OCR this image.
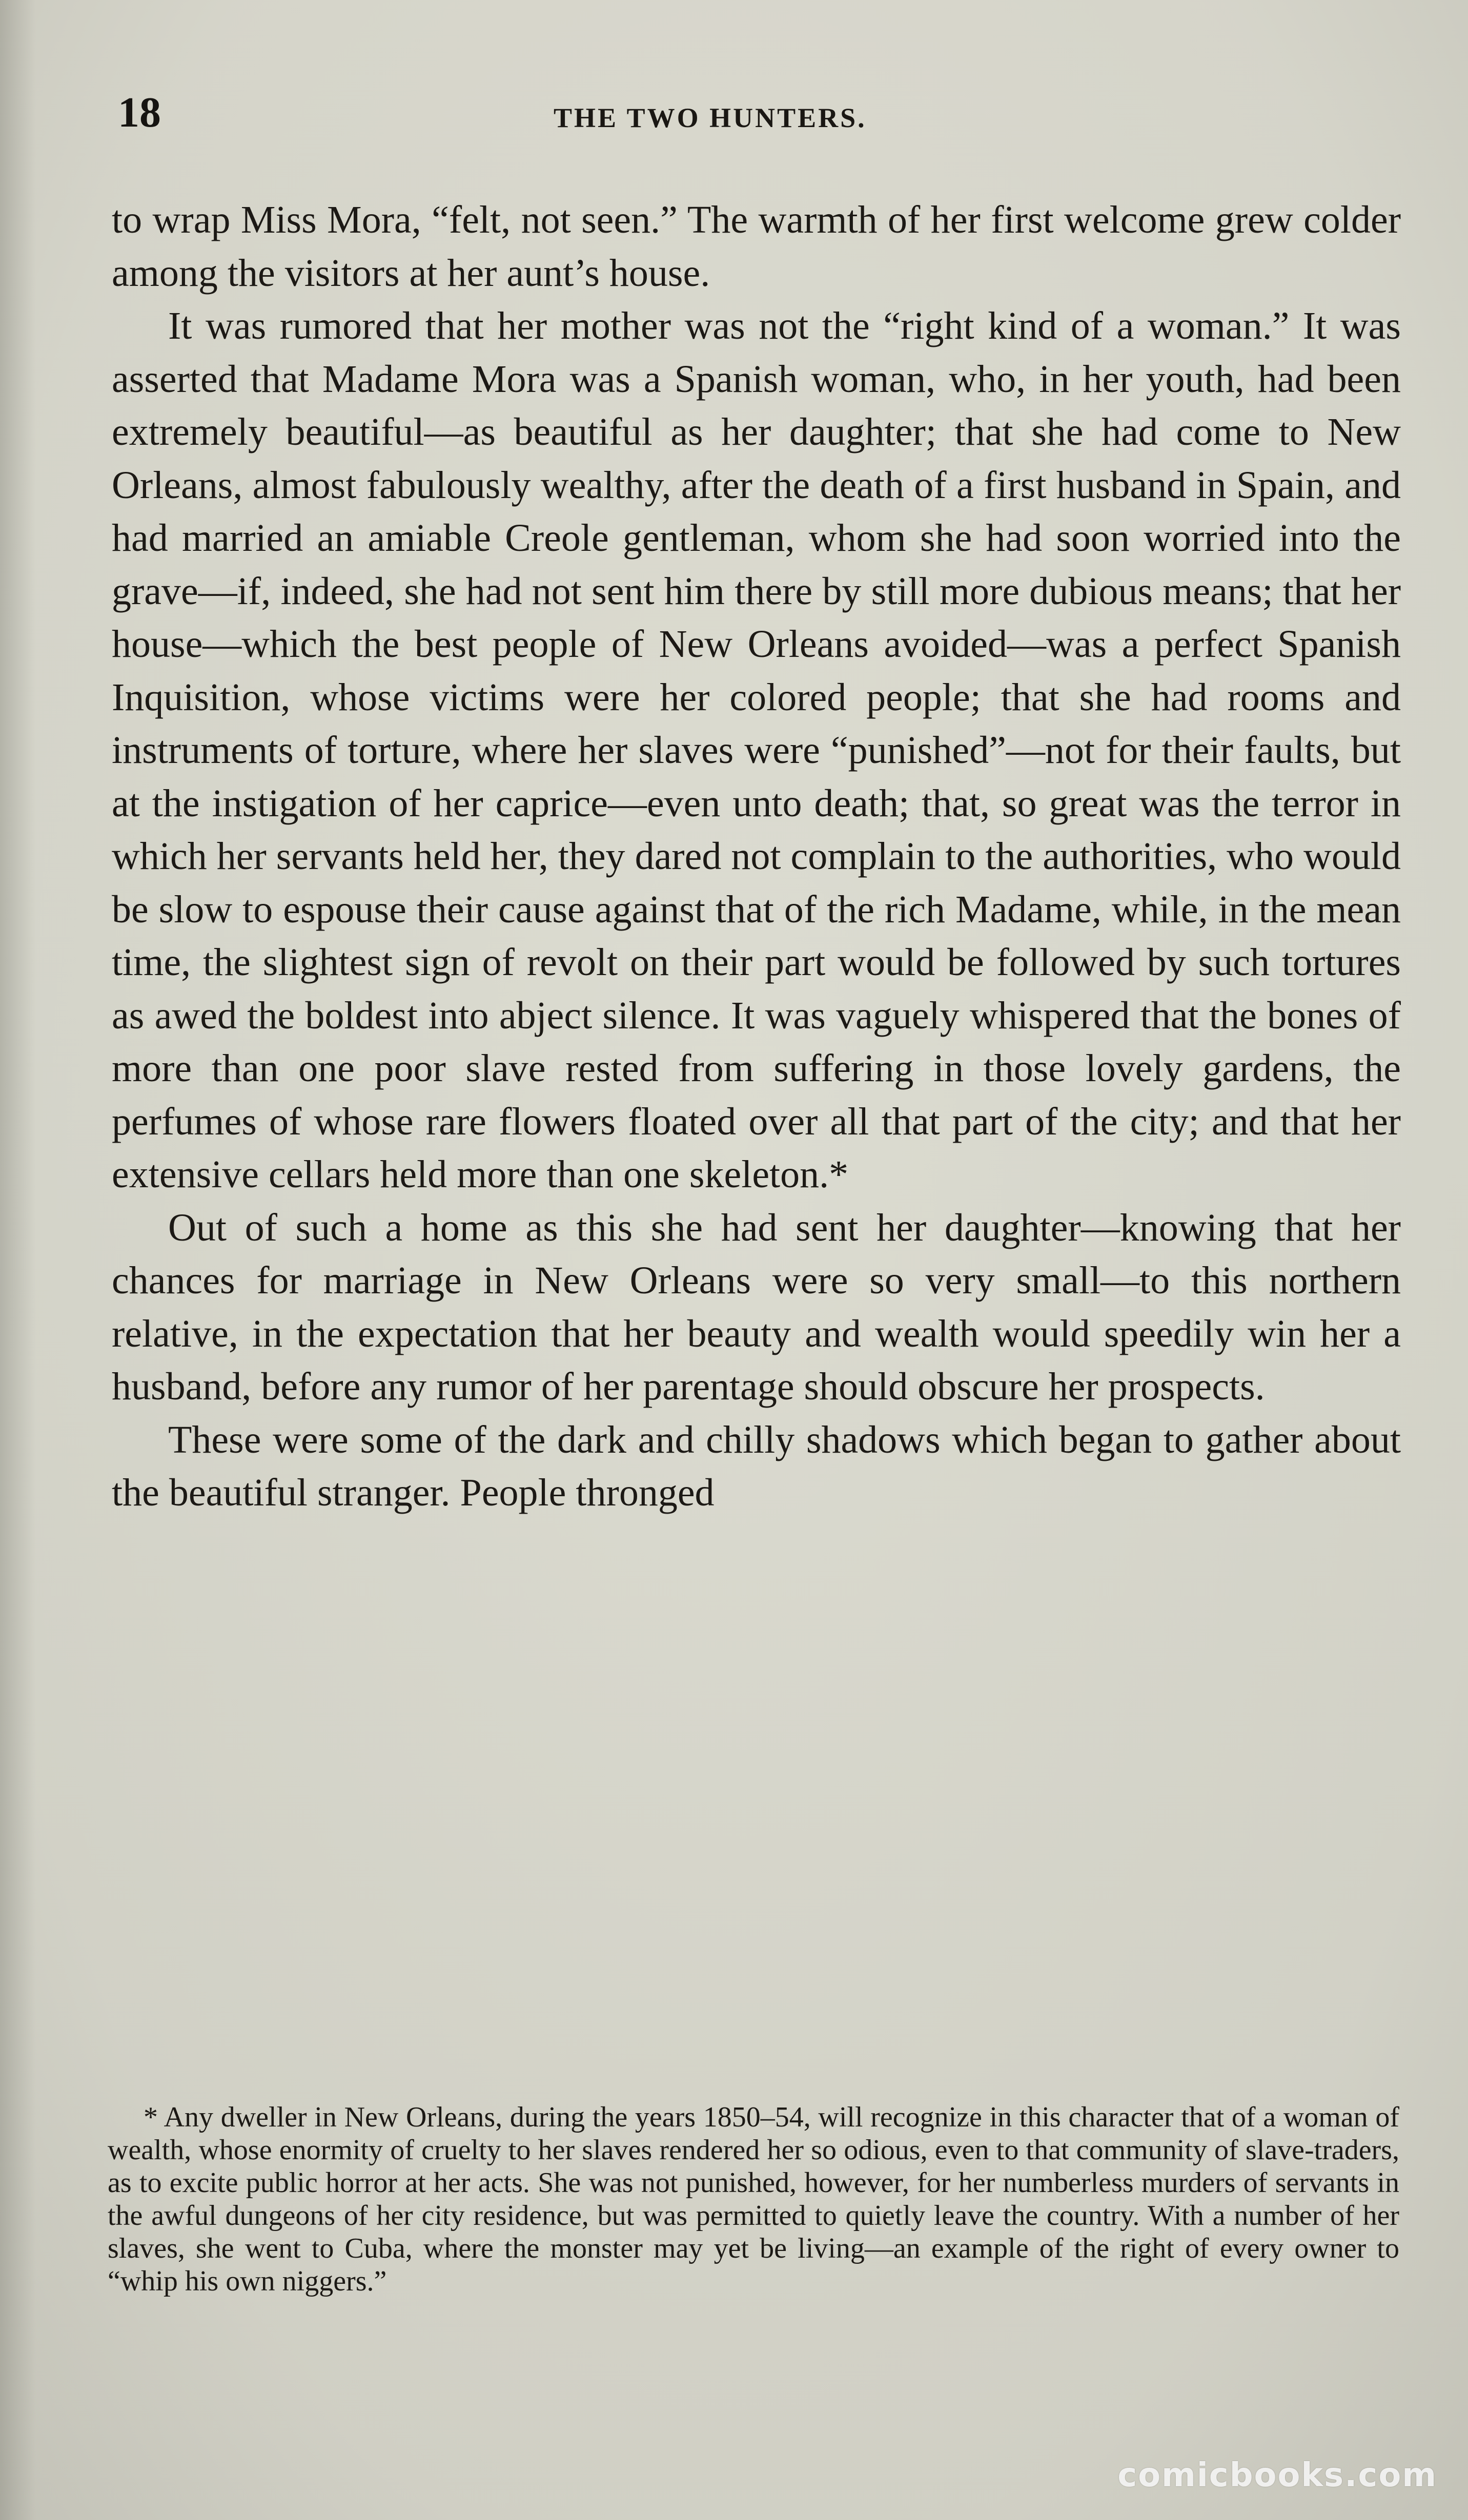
18	THE TWO HUNTERS.

to wrap Miss Mora, “felt, not seen.” The warmth of her first welcome grew colder among the visitors at her aunt’s house.

It was rumored that her mother was not the “right kind of a woman.” It was asserted that Madame Mora was a Spanish woman, who, in her youth, had been extremely beautiful—as beautiful as her daughter; that she had come to New Orleans, almost fabulously wealthy, after the death of a first husband in Spain, and had married an amiable Creole gentleman, whom she had soon worried into the grave—if, indeed, she had not sent him there by still more dubious means; that her house—which the best people of New Orleans avoided—was a perfect Spanish Inquisition, whose victims were her colored people; that she had rooms and instruments of torture, where her slaves were “punished”—not for their faults, but at the instigation of her caprice—even unto death; that, so great was the terror in which her servants held her, they dared not complain to the authorities, who would be slow to espouse their cause against that of the rich Madame, while, in the mean time, the slightest sign of revolt on their part would be followed by such tortures as awed the boldest into abject silence. It was vaguely whispered that the bones of more than one poor slave rested from suffering in those lovely gardens, the perfumes of whose rare flowers floated over all that part of the city; and that her extensive cellars held more than one skeleton.*

Out of such a home as this she had sent her daughter—knowing that her chances for marriage in New Orleans were so very small—to this northern relative, in the expectation that her beauty and wealth would speedily win her a husband, before any rumor of her parentage should obscure her prospects.

These were some of the dark and chilly shadows which began to gather about the beautiful stranger. People thronged

* Any dweller in New Orleans, during the years 1850–54, will recognize in this character that of a woman of wealth, whose enormity of cruelty to her slaves rendered her so odious, even to that community of slave-traders, as to excite public horror at her acts. She was not punished, however, for her numberless murders of servants in the awful dungeons of her city residence, but was permitted to quietly leave the country. With a number of her slaves, she went to Cuba, where the monster may yet be living—an example of the right of every owner to “whip his own niggers.”

comicbooks.com
